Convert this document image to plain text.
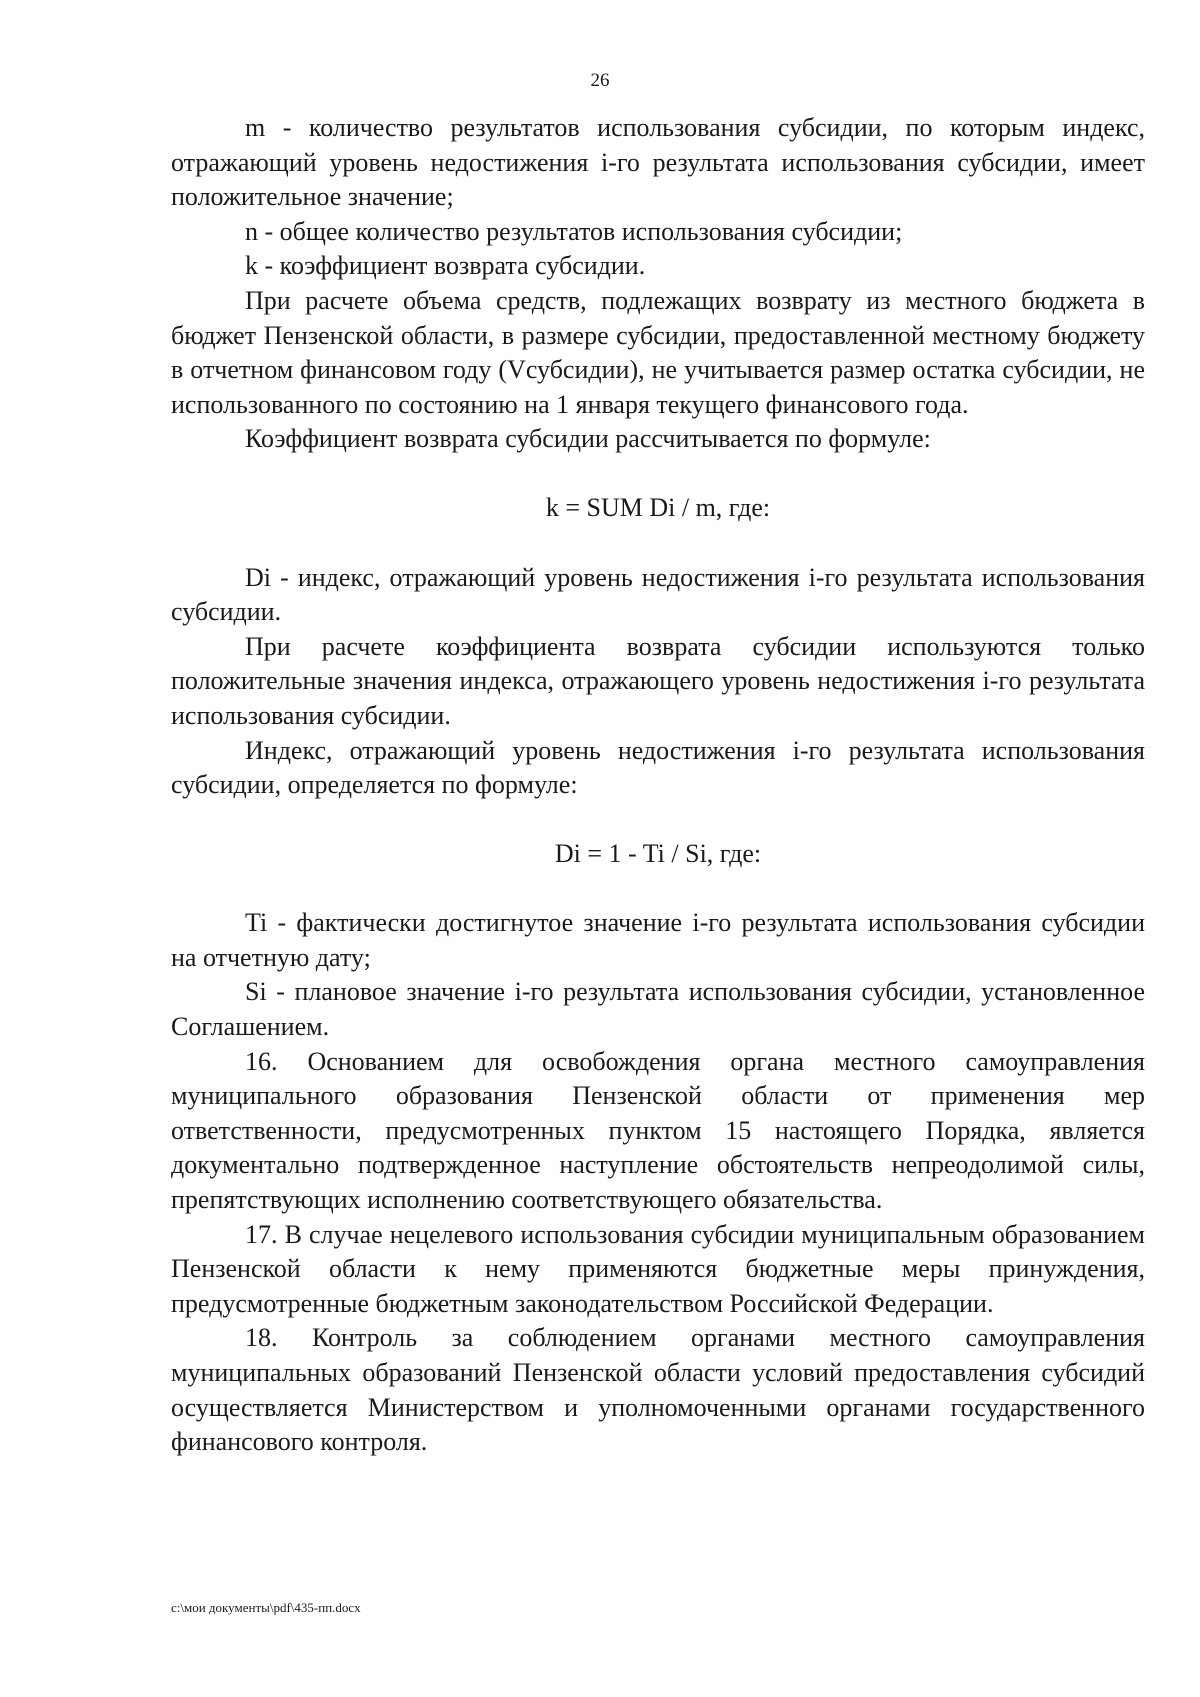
26

m - количество результатов использования субсидии, по которым индекс, отражающий уровень недостижения i-го результата использования субсидии, имеет положительное значение;

n - общее количество результатов использования субсидии;

k - коэффициент возврата субсидии.

При расчете объема средств, подлежащих возврату из местного бюджета в бюджет Пензенской области, в размере субсидии, предоставленной местному бюджету в отчетном финансовом году (Vсубсидии), не учитывается размер остатка субсидии, не использованного по состоянию на 1 января текущего финансового года.

Коэффициент возврата субсидии рассчитывается по формуле:

k = SUM Di / m, где:

Di - индекс, отражающий уровень недостижения i-го результата использования субсидии.

При расчете коэффициента возврата субсидии используются только положительные значения индекса, отражающего уровень недостижения i-го результата использования субсидии.

Индекс, отражающий уровень недостижения i-го результата использования субсидии, определяется по формуле:

Di = 1 - Ti / Si, где:

Ti - фактически достигнутое значение i-го результата использования субсидии на отчетную дату;

Si - плановое значение i-го результата использования субсидии, установленное Соглашением.

16. Основанием для освобождения органа местного самоуправления муниципального образования Пензенской области от применения мер ответственности, предусмотренных пунктом 15 настоящего Порядка, является документально подтвержденное наступление обстоятельств непреодолимой силы, препятствующих исполнению соответствующего обязательства.

17. В случае нецелевого использования субсидии муниципальным образованием Пензенской области к нему применяются бюджетные меры принуждения, предусмотренные бюджетным законодательством Российской Федерации.

18. Контроль за соблюдением органами местного самоуправления муниципальных образований Пензенской области условий предоставления субсидий осуществляется Министерством и уполномоченными органами государственного финансового контроля.

c:\мои документы\pdf\435-пп.docx
